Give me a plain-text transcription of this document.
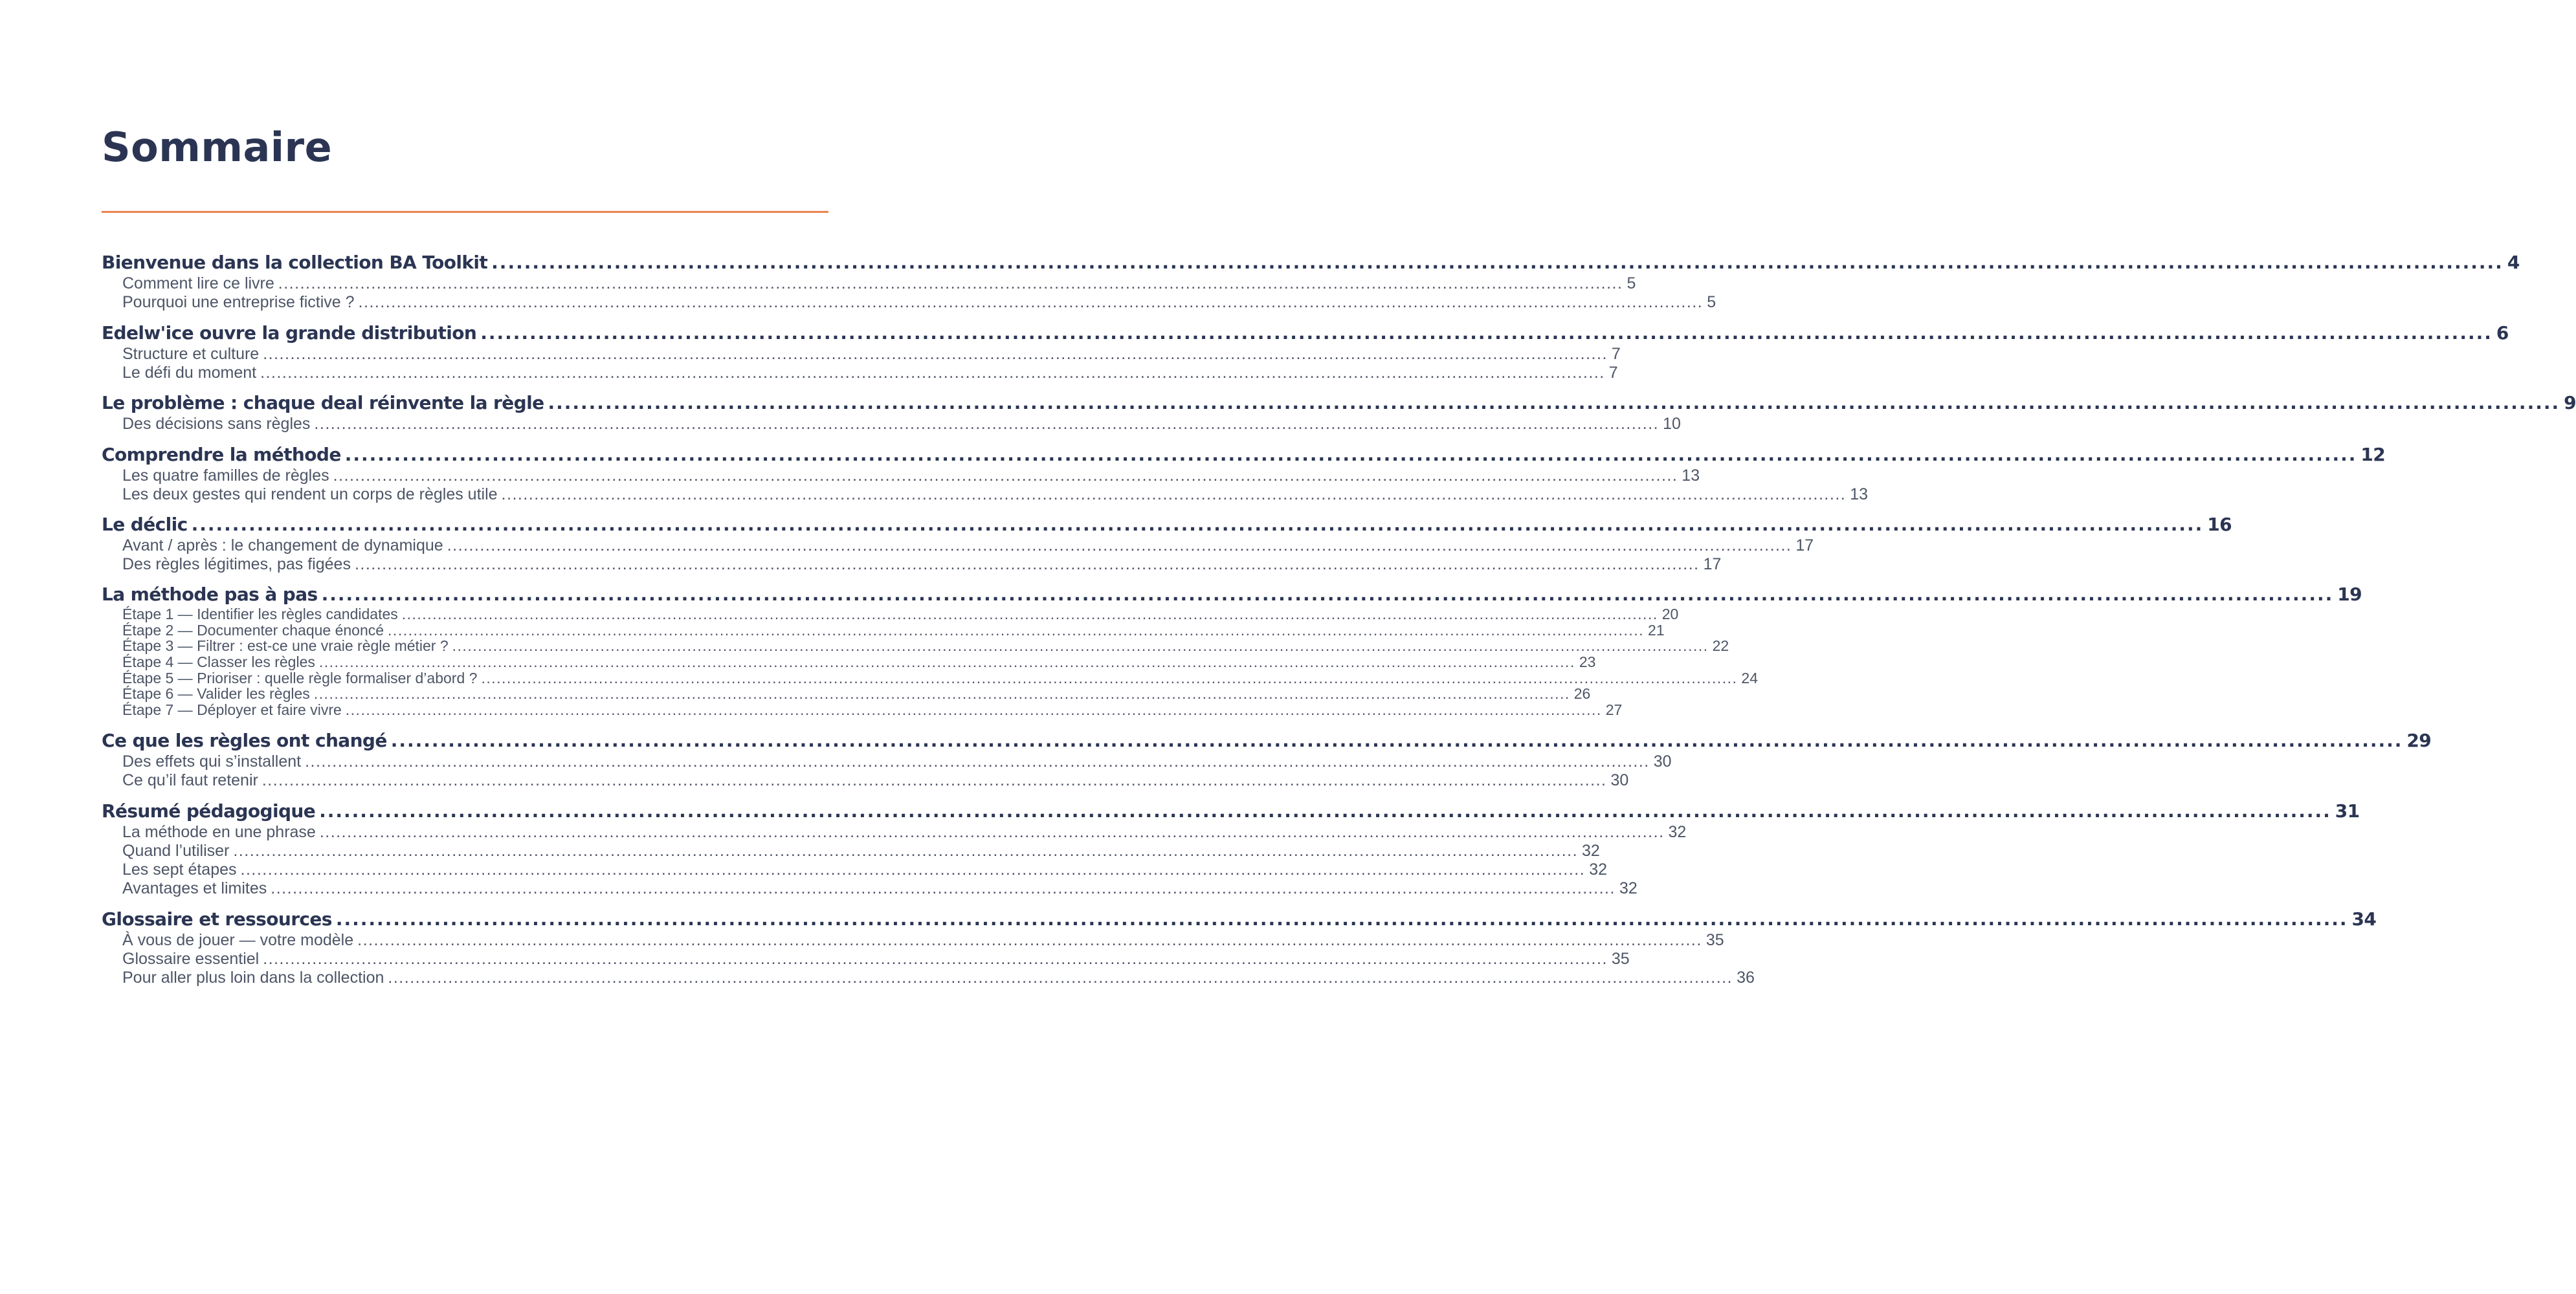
Sommaire
Bienvenue dans la collection BA Toolkit ...................................................................................................................................................................................................................................................... 4
Comment lire ce livre ...................................................................................................................................................................................................................................................... 5
Pourquoi une entreprise fictive ? ...................................................................................................................................................................................................................................................... 5
Edelw'ice ouvre la grande distribution ...................................................................................................................................................................................................................................................... 6
Structure et culture ...................................................................................................................................................................................................................................................... 7
Le défi du moment ...................................................................................................................................................................................................................................................... 7
Le problème : chaque deal réinvente la règle ...................................................................................................................................................................................................................................................... 9
Des décisions sans règles ...................................................................................................................................................................................................................................................... 10
Comprendre la méthode ...................................................................................................................................................................................................................................................... 12
Les quatre familles de règles ...................................................................................................................................................................................................................................................... 13
Les deux gestes qui rendent un corps de règles utile ...................................................................................................................................................................................................................................................... 13
Le déclic ...................................................................................................................................................................................................................................................... 16
Avant / après : le changement de dynamique ...................................................................................................................................................................................................................................................... 17
Des règles légitimes, pas figées ...................................................................................................................................................................................................................................................... 17
La méthode pas à pas ...................................................................................................................................................................................................................................................... 19
Étape 1 — Identifier les règles candidates ...................................................................................................................................................................................................................................................... 20
Étape 2 — Documenter chaque énoncé ...................................................................................................................................................................................................................................................... 21
Étape 3 — Filtrer : est-ce une vraie règle métier ? ...................................................................................................................................................................................................................................................... 22
Étape 4 — Classer les règles ...................................................................................................................................................................................................................................................... 23
Étape 5 — Prioriser : quelle règle formaliser d’abord ? ...................................................................................................................................................................................................................................................... 24
Étape 6 — Valider les règles ...................................................................................................................................................................................................................................................... 26
Étape 7 — Déployer et faire vivre ...................................................................................................................................................................................................................................................... 27
Ce que les règles ont changé ...................................................................................................................................................................................................................................................... 29
Des effets qui s’installent ...................................................................................................................................................................................................................................................... 30
Ce qu’il faut retenir ...................................................................................................................................................................................................................................................... 30
Résumé pédagogique ...................................................................................................................................................................................................................................................... 31
La méthode en une phrase ...................................................................................................................................................................................................................................................... 32
Quand l’utiliser ...................................................................................................................................................................................................................................................... 32
Les sept étapes ...................................................................................................................................................................................................................................................... 32
Avantages et limites ...................................................................................................................................................................................................................................................... 32
Glossaire et ressources ...................................................................................................................................................................................................................................................... 34
À vous de jouer — votre modèle ...................................................................................................................................................................................................................................................... 35
Glossaire essentiel ...................................................................................................................................................................................................................................................... 35
Pour aller plus loin dans la collection ...................................................................................................................................................................................................................................................... 36
